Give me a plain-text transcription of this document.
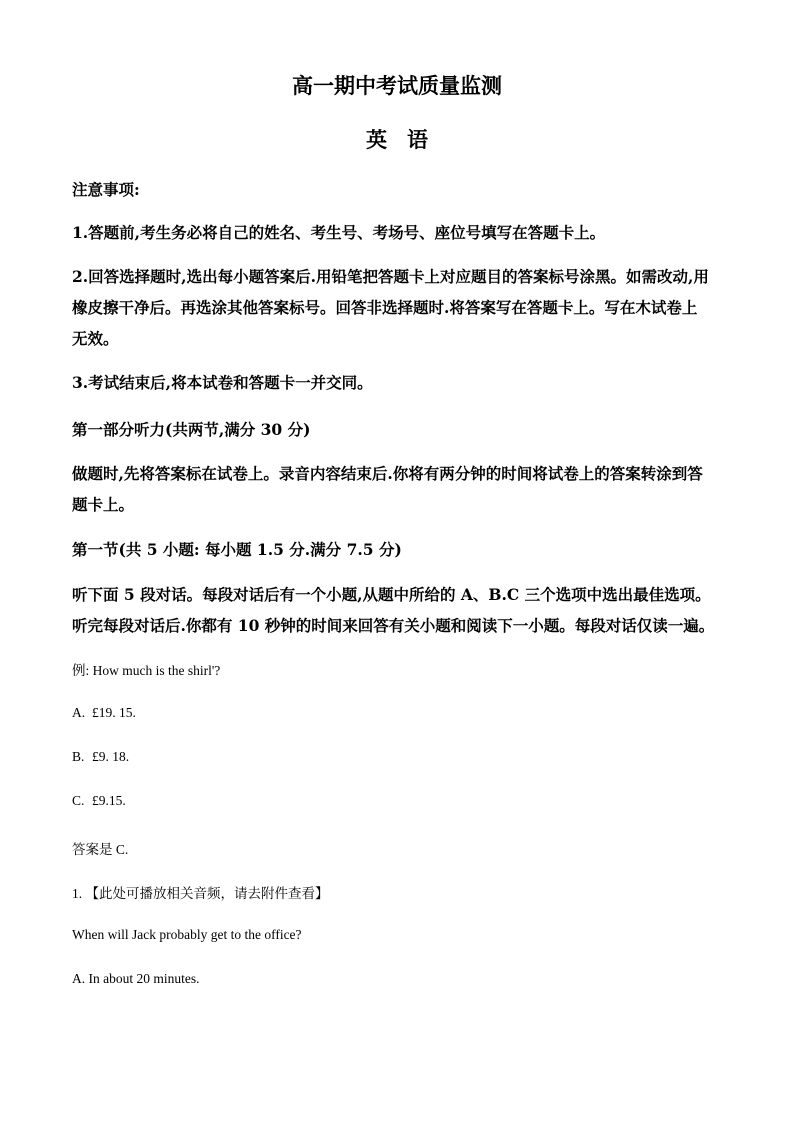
高一期中考试质量监测
英语
注意事项:
1.答题前,考生务必将自己的姓名、考生号、考场号、座位号填写在答题卡上。
2.回答选择题时,选出每小题答案后.用铅笔把答题卡上对应题目的答案标号涂黑。如需改动,用
橡皮擦干净后。再选涂其他答案标号。回答非选择题时.将答案写在答题卡上。写在木试卷上
无效。
3.考试结束后,将本试卷和答题卡一并交同。
第一部分听力(共两节,满分 30 分)
做题时,先将答案标在试卷上。录音内容结束后.你将有两分钟的时间将试卷上的答案转涂到答
题卡上。
第一节(共 5 小题: 每小题 1.5 分.满分 7.5 分)
听下面 5 段对话。每段对话后有一个小题,从题中所给的 A、B.C 三个选项中选出最佳选项。
听完每段对话后.你都有 10 秒钟的时间来回答有关小题和阅读下一小题。每段对话仅读一遍。
例: How much is the shirl'?
A. £19. 15.
B. £9. 18.
C. £9.15.
答案是 C.
1. 【此处可播放相关音频，请去附件查看】
When will Jack probably get to the office?
A. In about 20 minutes.
